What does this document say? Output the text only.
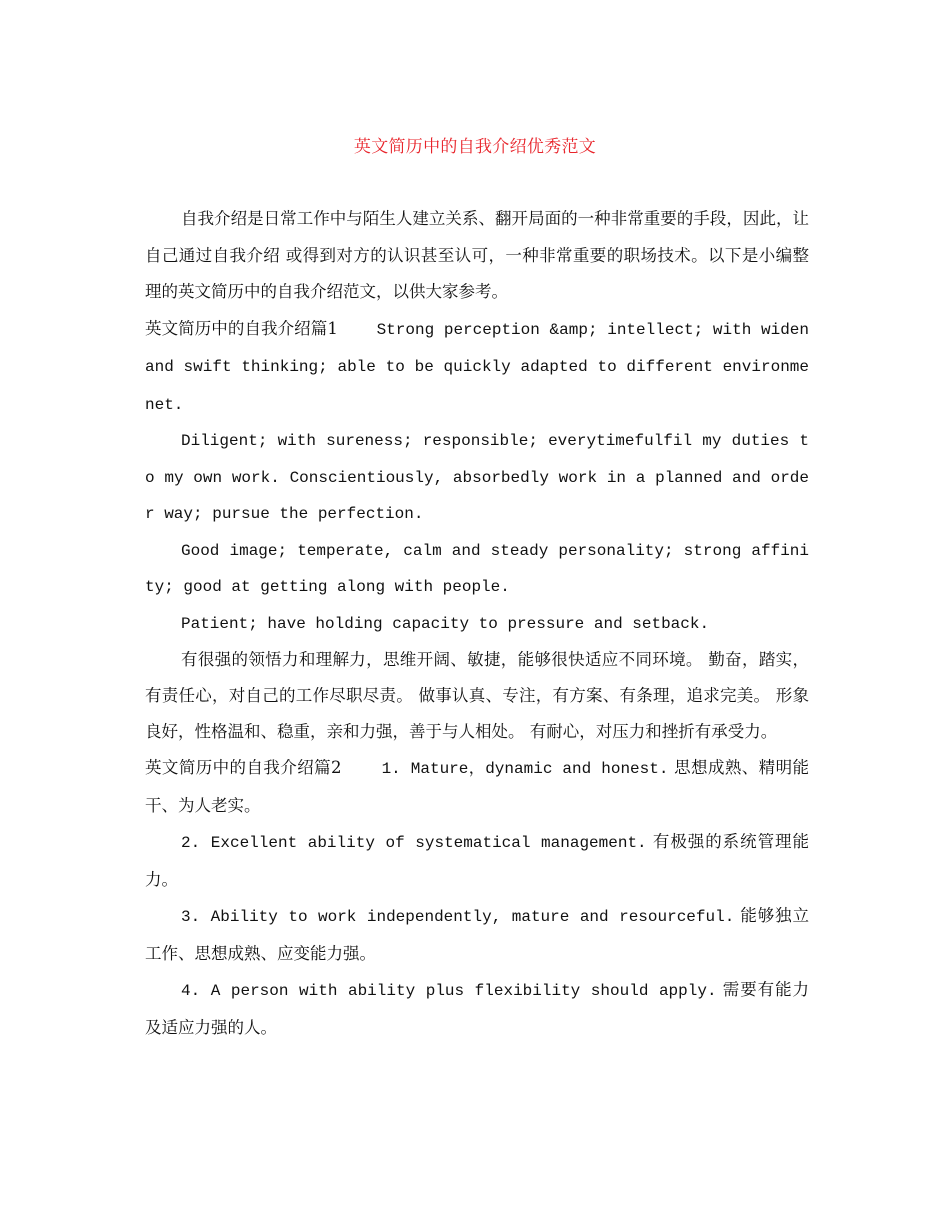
英文简历中的自我介绍优秀范文

自我介绍是日常工作中与陌生人建立关系、翻开局面的一种非常重要的手段，因此，让自己通过自我介绍 或得到对方的认识甚至认可，一种非常重要的职场技术。以下是小编整理的英文简历中的自我介绍范文，以供大家参考。

英文简历中的自我介绍篇1 Strong perception &amp; intellect; with widen and swift thinking; able to be quickly adapted to different environmenet.

Diligent; with sureness; responsible; everytimefulfil my duties to my own work. Conscientiously, absorbedly work in a planned and order way; pursue the perfection.

Good image; temperate, calm and steady personality; strong affinity; good at getting along with people.

Patient; have holding capacity to pressure and setback.

有很强的领悟力和理解力，思维开阔、敏捷，能够很快适应不同环境。 勤奋，踏实，有责任心，对自己的工作尽职尽责。 做事认真、专注，有方案、有条理，追求完美。 形象良好，性格温和、稳重，亲和力强，善于与人相处。 有耐心，对压力和挫折有承受力。

英文简历中的自我介绍篇2	1. Mature，dynamic and honest. 思想成熟、精明能干、为人老实。

2. Excellent ability of systematical management. 有极强的系统管理能力。

3. Ability to work independently, mature and resourceful. 能够独立工作、思想成熟、应变能力强。

4. A person with ability plus flexibility should apply. 需要有能力及适应力强的人。
